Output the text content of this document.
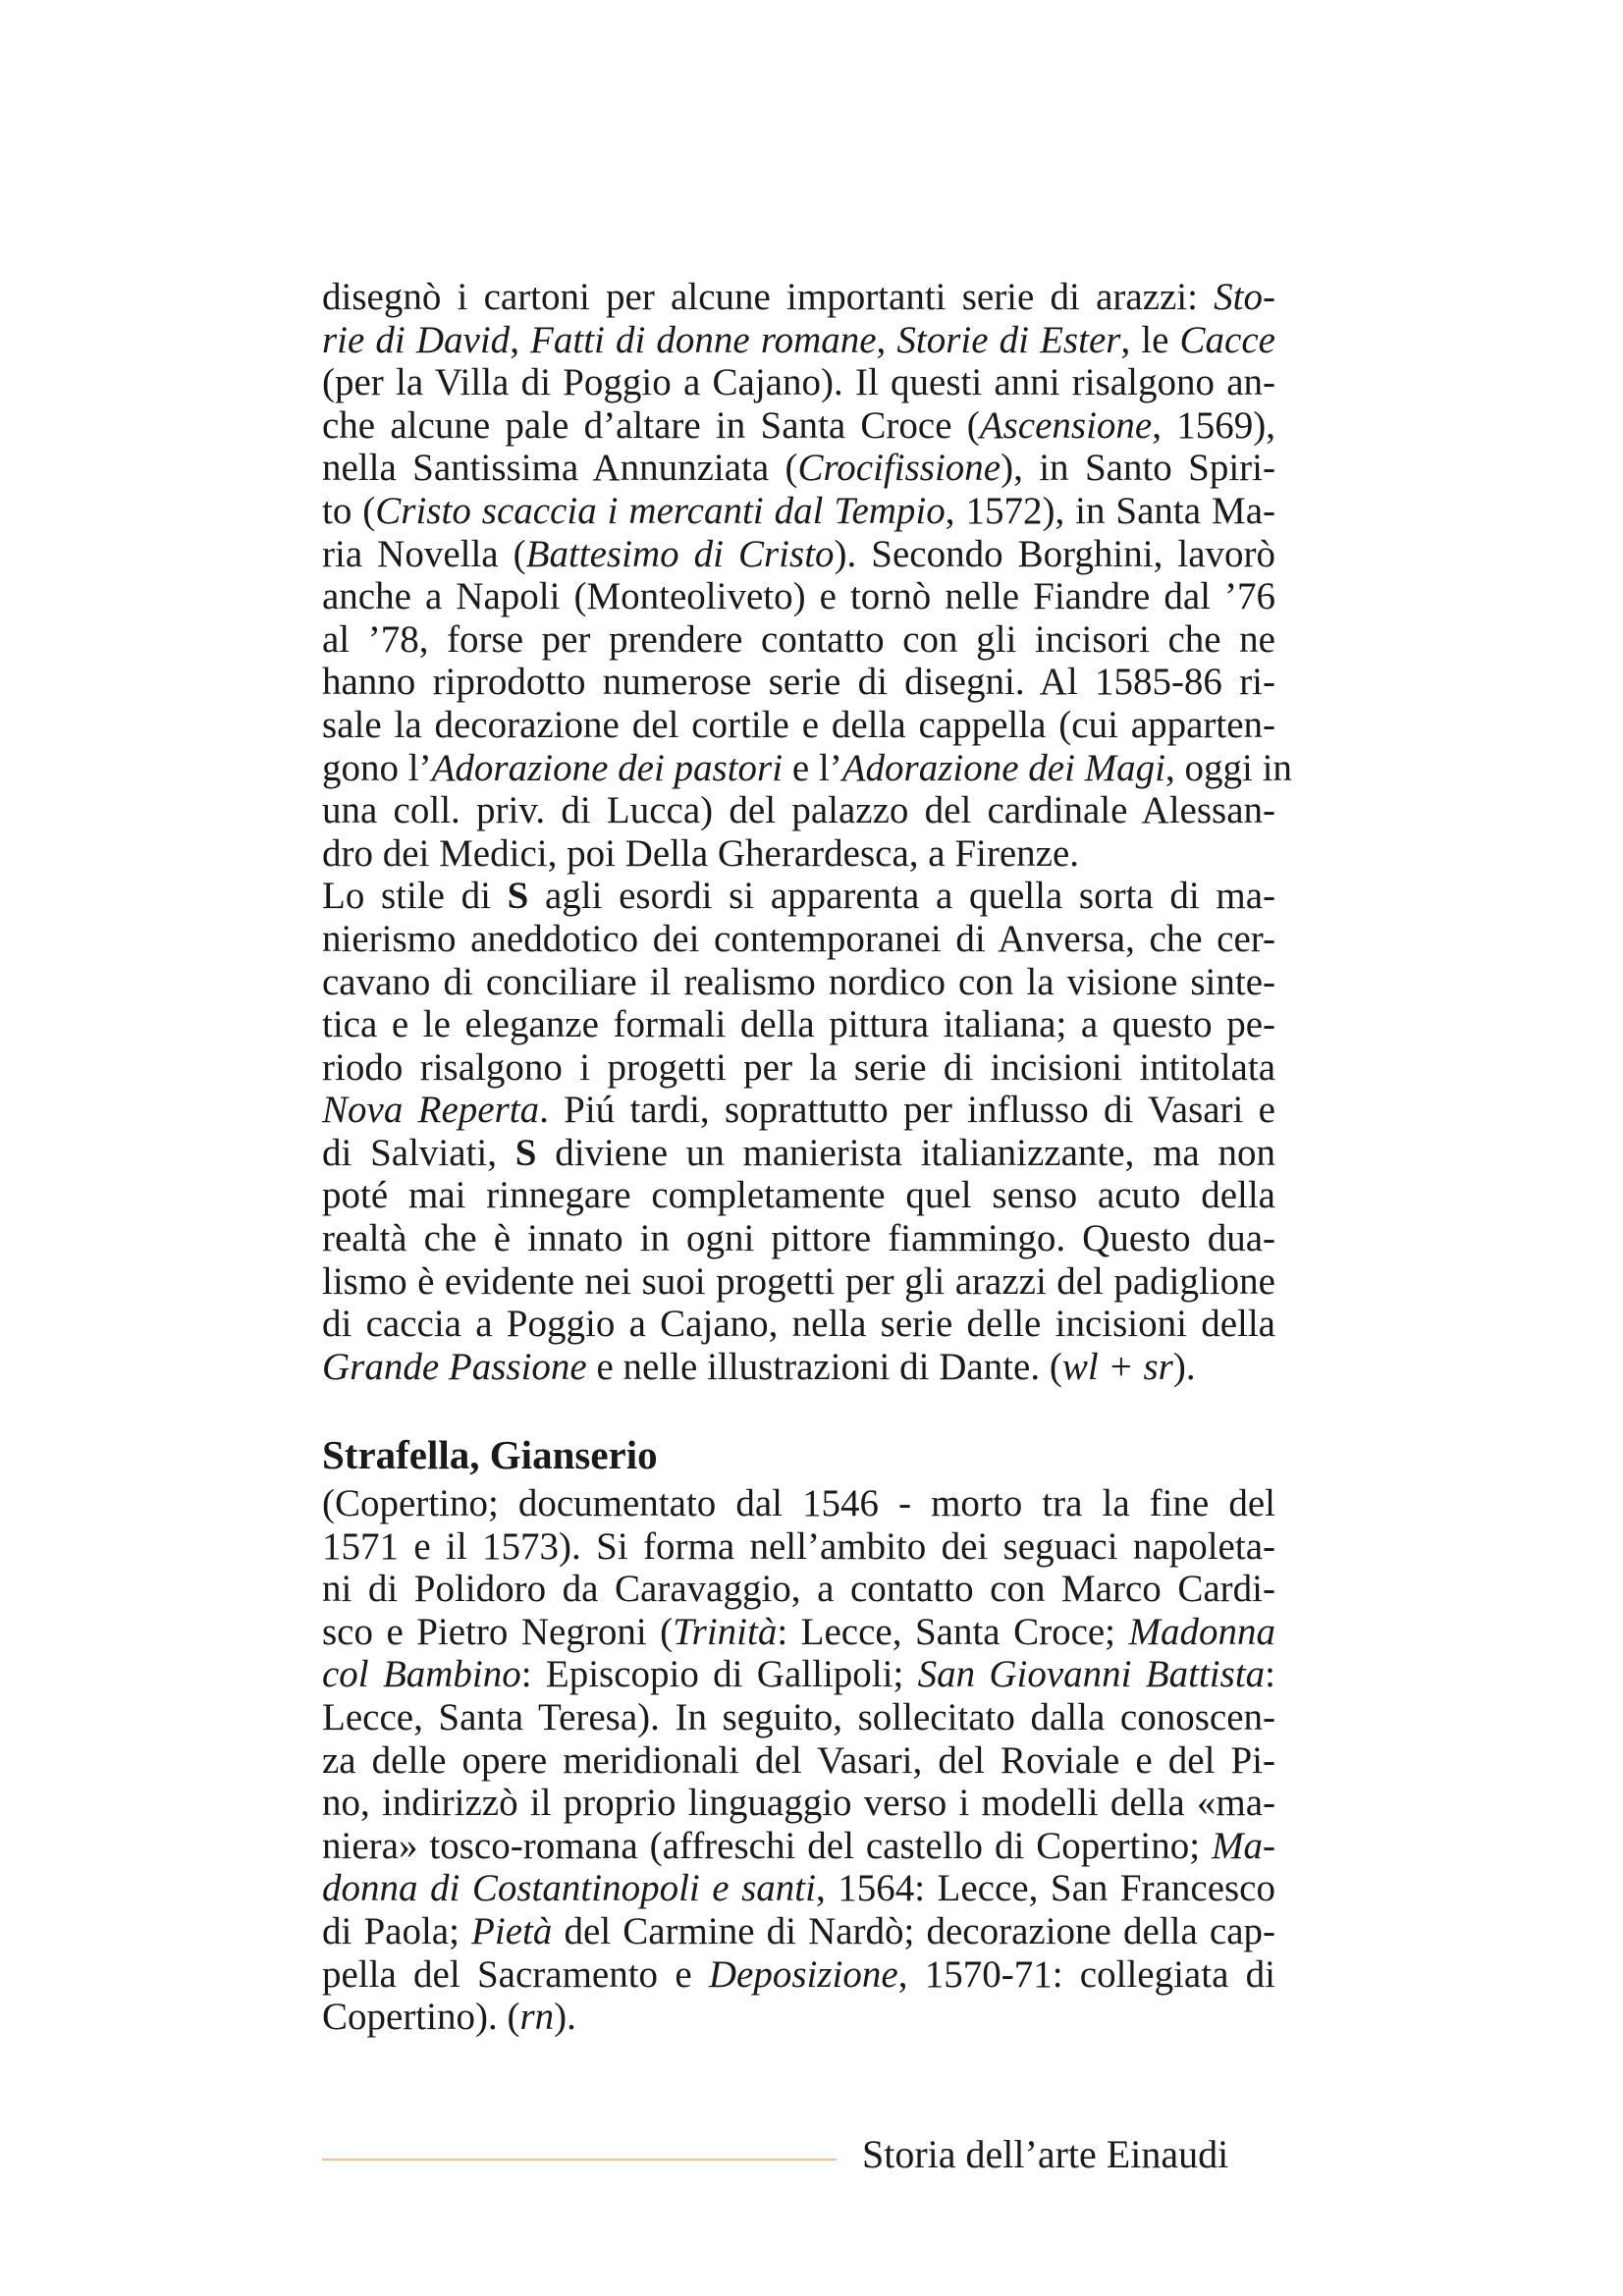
disegnò i cartoni per alcune importanti serie di arazzi: Sto-
rie di David, Fatti di donne romane, Storie di Ester, le Cacce
(per la Villa di Poggio a Cajano). Il questi anni risalgono an-
che alcune pale d’altare in Santa Croce (Ascensione, 1569),
nella Santissima Annunziata (Crocifissione), in Santo Spiri-
to (Cristo scaccia i mercanti dal Tempio, 1572), in Santa Ma-
ria Novella (Battesimo di Cristo). Secondo Borghini, lavorò
anche a Napoli (Monteoliveto) e tornò nelle Fiandre dal ’76
al ’78, forse per prendere contatto con gli incisori che ne
hanno riprodotto numerose serie di disegni. Al 1585-86 ri-
sale la decorazione del cortile e della cappella (cui apparten-
gono l’Adorazione dei pastori e l’Adorazione dei Magi, oggi in
una coll. priv. di Lucca) del palazzo del cardinale Alessan-
dro dei Medici, poi Della Gherardesca, a Firenze.
Lo stile di S agli esordi si apparenta a quella sorta di ma-
nierismo aneddotico dei contemporanei di Anversa, che cer-
cavano di conciliare il realismo nordico con la visione sinte-
tica e le eleganze formali della pittura italiana; a questo pe-
riodo risalgono i progetti per la serie di incisioni intitolata
Nova Reperta. Piú tardi, soprattutto per influsso di Vasari e
di Salviati, S diviene un manierista italianizzante, ma non
poté mai rinnegare completamente quel senso acuto della
realtà che è innato in ogni pittore fiammingo. Questo dua-
lismo è evidente nei suoi progetti per gli arazzi del padiglione
di caccia a Poggio a Cajano, nella serie delle incisioni della
Grande Passione e nelle illustrazioni di Dante. (wl + sr).
Strafella, Gianserio
(Copertino; documentato dal 1546 - morto tra la fine del
1571 e il 1573). Si forma nell’ambito dei seguaci napoleta-
ni di Polidoro da Caravaggio, a contatto con Marco Cardi-
sco e Pietro Negroni (Trinità: Lecce, Santa Croce; Madonna
col Bambino: Episcopio di Gallipoli; San Giovanni Battista:
Lecce, Santa Teresa). In seguito, sollecitato dalla conoscen-
za delle opere meridionali del Vasari, del Roviale e del Pi-
no, indirizzò il proprio linguaggio verso i modelli della «ma-
niera» tosco-romana (affreschi del castello di Copertino; Ma-
donna di Costantinopoli e santi, 1564: Lecce, San Francesco
di Paola; Pietà del Carmine di Nardò; decorazione della cap-
pella del Sacramento e Deposizione, 1570-71: collegiata di
Copertino). (rn).
Storia dell’arte Einaudi
